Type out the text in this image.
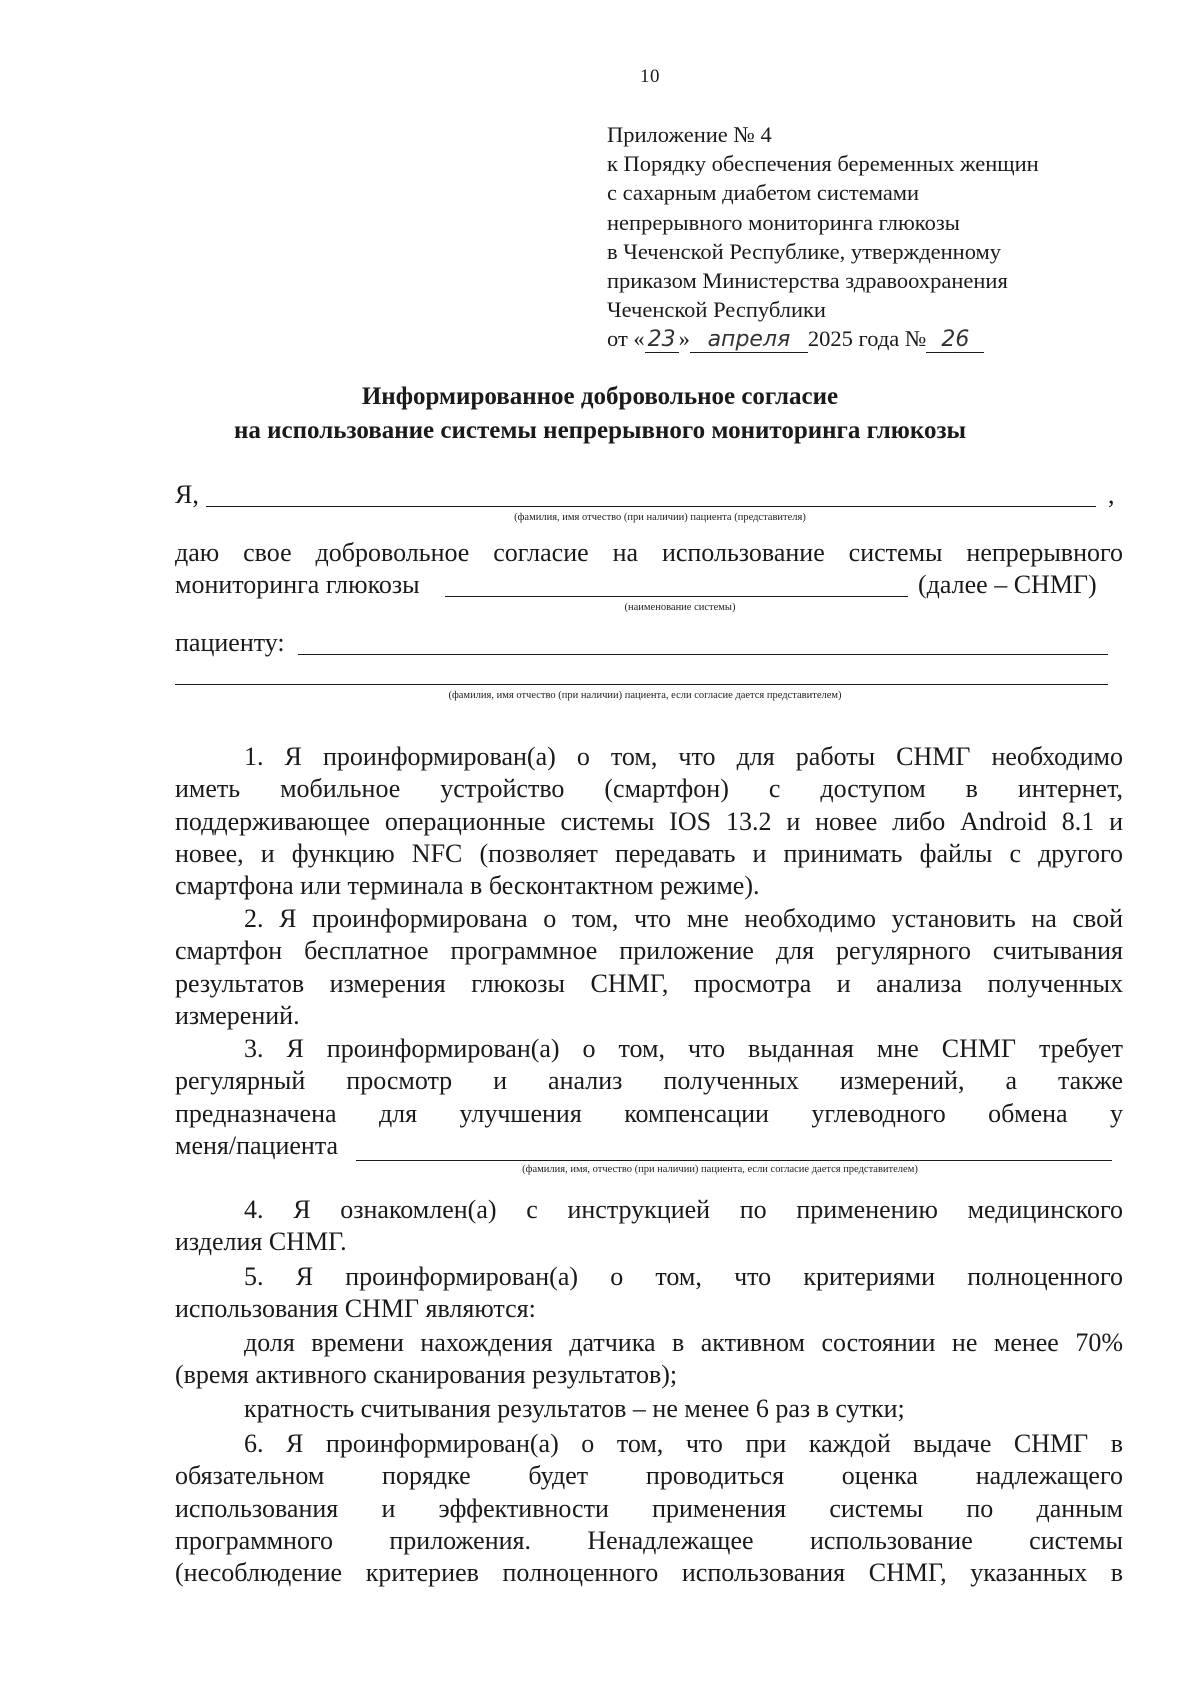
10
Приложение № 4
к Порядку обеспечения беременных женщин
с сахарным диабетом системами
непрерывного мониторинга глюкозы
в Чеченской Республике, утвержденному
приказом Министерства здравоохранения
Чеченской Республики
от « 23 » апреля 2025 года № 26
Информированное добровольное согласие
на использование системы непрерывного мониторинга глюкозы
Я,	,
(фамилия, имя отчество (при наличии) пациента (представителя)
даю свое добровольное согласие на использование системы непрерывного
мониторинга глюкозы	(далее – СНМГ)
(наименование системы)
пациенту:
(фамилия, имя отчество (при наличии) пациента, если согласие дается представителем)
1. Я проинформирован(а) о том, что для работы СНМГ необходимо
иметь мобильное устройство (смартфон) с доступом в интернет,
поддерживающее операционные системы IOS 13.2 и новее либо Android 8.1 и
новее, и функцию NFC (позволяет передавать и принимать файлы с другого
смартфона или терминала в бесконтактном режиме).
2. Я проинформирована о том, что мне необходимо установить на свой
смартфон бесплатное программное приложение для регулярного считывания
результатов измерения глюкозы СНМГ, просмотра и анализа полученных
измерений.
3. Я проинформирован(а) о том, что выданная мне СНМГ требует
регулярный просмотр и анализ полученных измерений, а также
предназначена для улучшения компенсации углеводного обмена у
меня/пациента
(фамилия, имя, отчество (при наличии) пациента, если согласие дается представителем)
4. Я ознакомлен(а) с инструкцией по применению медицинского
изделия СНМГ.
5. Я проинформирован(а) о том, что критериями полноценного
использования СНМГ являются:
доля времени нахождения датчика в активном состоянии не менее 70%
(время активного сканирования результатов);
кратность считывания результатов – не менее 6 раз в сутки;
6. Я проинформирован(а) о том, что при каждой выдаче СНМГ в
обязательном порядке будет проводиться оценка надлежащего
использования и эффективности применения системы по данным
программного приложения. Ненадлежащее использование системы
(несоблюдение критериев полноценного использования СНМГ, указанных в
